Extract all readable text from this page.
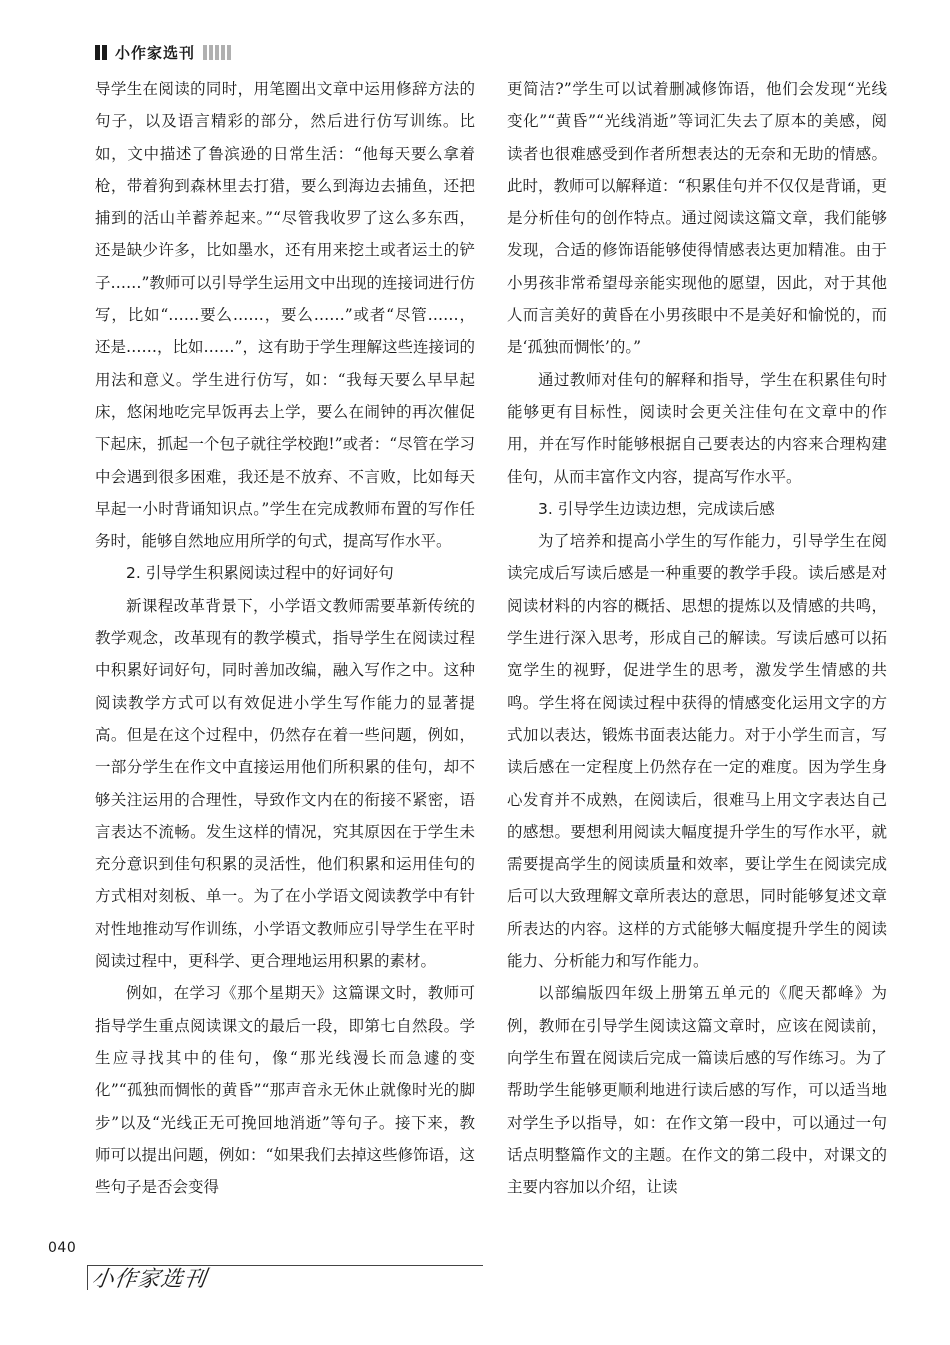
小作家选刊

导学生在阅读的同时，用笔圈出文章中运用修辞方法的句子，以及语言精彩的部分，然后进行仿写训练。比如，文中描述了鲁滨逊的日常生活：“他每天要么拿着枪，带着狗到森林里去打猎，要么到海边去捕鱼，还把捕到的活山羊蓄养起来。”“尽管我收罗了这么多东西，还是缺少许多，比如墨水，还有用来挖土或者运土的铲子……”教师可以引导学生运用文中出现的连接词进行仿写，比如“……要么……，要么……”或者“尽管……，还是……，比如……”，这有助于学生理解这些连接词的用法和意义。学生进行仿写，如：“我每天要么早早起床，悠闲地吃完早饭再去上学，要么在闹钟的再次催促下起床，抓起一个包子就往学校跑!”或者：“尽管在学习中会遇到很多困难，我还是不放弃、不言败，比如每天早起一小时背诵知识点。”学生在完成教师布置的写作任务时，能够自然地应用所学的句式，提高写作水平。

2. 引导学生积累阅读过程中的好词好句

新课程改革背景下，小学语文教师需要革新传统的教学观念，改革现有的教学模式，指导学生在阅读过程中积累好词好句，同时善加改编，融入写作之中。这种阅读教学方式可以有效促进小学生写作能力的显著提高。但是在这个过程中，仍然存在着一些问题，例如，一部分学生在作文中直接运用他们所积累的佳句，却不够关注运用的合理性，导致作文内在的衔接不紧密，语言表达不流畅。发生这样的情况，究其原因在于学生未充分意识到佳句积累的灵活性，他们积累和运用佳句的方式相对刻板、单一。为了在小学语文阅读教学中有针对性地推动写作训练，小学语文教师应引导学生在平时阅读过程中，更科学、更合理地运用积累的素材。

例如，在学习《那个星期天》这篇课文时，教师可指导学生重点阅读课文的最后一段，即第七自然段。学生应寻找其中的佳句，像“那光线漫长而急遽的变化”“孤独而惆怅的黄昏”“那声音永无休止就像时光的脚步”以及“光线正无可挽回地消逝”等句子。接下来，教师可以提出问题，例如：“如果我们去掉这些修饰语，这些句子是否会变得

更简洁?”学生可以试着删减修饰语，他们会发现“光线变化”“黄昏”“光线消逝”等词汇失去了原本的美感，阅读者也很难感受到作者所想表达的无奈和无助的情感。此时，教师可以解释道：“积累佳句并不仅仅是背诵，更是分析佳句的创作特点。通过阅读这篇文章，我们能够发现，合适的修饰语能够使得情感表达更加精准。由于小男孩非常希望母亲能实现他的愿望，因此，对于其他人而言美好的黄昏在小男孩眼中不是美好和愉悦的，而是‘孤独而惆怅’的。”

通过教师对佳句的解释和指导，学生在积累佳句时能够更有目标性，阅读时会更关注佳句在文章中的作用，并在写作时能够根据自己要表达的内容来合理构建佳句，从而丰富作文内容，提高写作水平。

3. 引导学生边读边想，完成读后感

为了培养和提高小学生的写作能力，引导学生在阅读完成后写读后感是一种重要的教学手段。读后感是对阅读材料的内容的概括、思想的提炼以及情感的共鸣，学生进行深入思考，形成自己的解读。写读后感可以拓宽学生的视野，促进学生的思考，激发学生情感的共鸣。学生将在阅读过程中获得的情感变化运用文字的方式加以表达，锻炼书面表达能力。对于小学生而言，写读后感在一定程度上仍然存在一定的难度。因为学生身心发育并不成熟，在阅读后，很难马上用文字表达自己的感想。要想利用阅读大幅度提升学生的写作水平，就需要提高学生的阅读质量和效率，要让学生在阅读完成后可以大致理解文章所表达的意思，同时能够复述文章所表达的内容。这样的方式能够大幅度提升学生的阅读能力、分析能力和写作能力。

以部编版四年级上册第五单元的《爬天都峰》为例，教师在引导学生阅读这篇文章时，应该在阅读前，向学生布置在阅读后完成一篇读后感的写作练习。为了帮助学生能够更顺利地进行读后感的写作，可以适当地对学生予以指导，如：在作文第一段中，可以通过一句话点明整篇作文的主题。在作文的第二段中，对课文的主要内容加以介绍，让读

040
小作家选刊
